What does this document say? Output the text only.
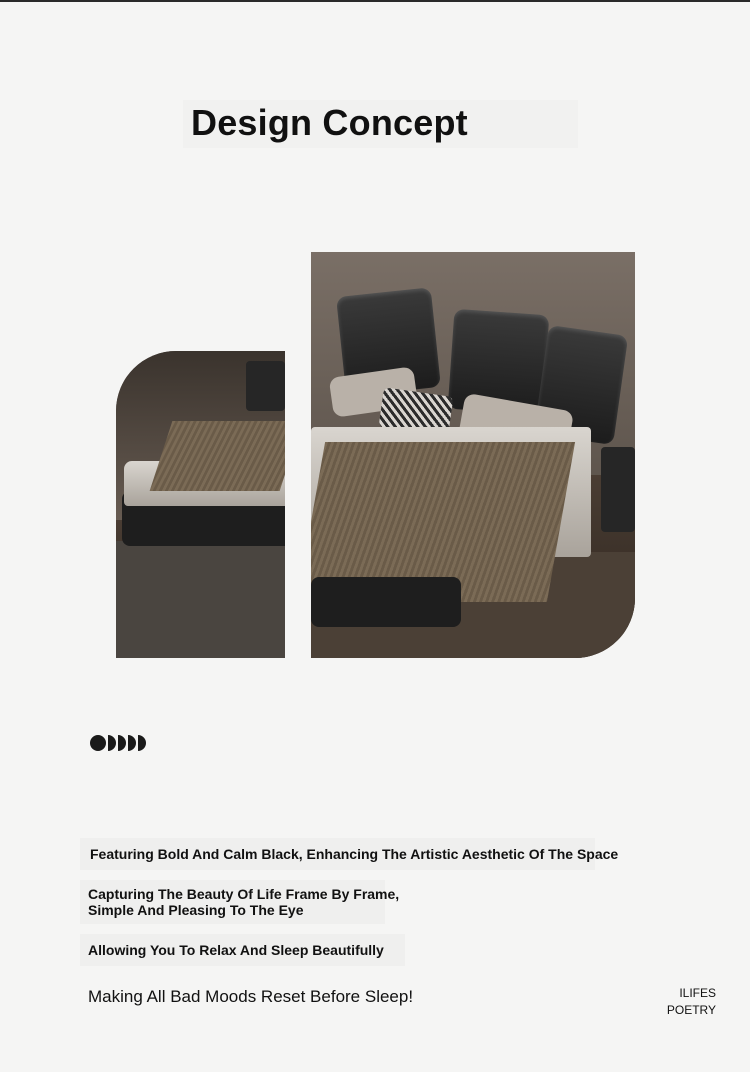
Design Concept
Featuring Bold And Calm Black, Enhancing The Artistic Aesthetic Of The Space
Capturing The Beauty Of Life Frame By Frame,
Simple And Pleasing To The Eye
Allowing You To Relax And Sleep Beautifully
Making All Bad Moods Reset Before Sleep!	ILIFES
POETRY
